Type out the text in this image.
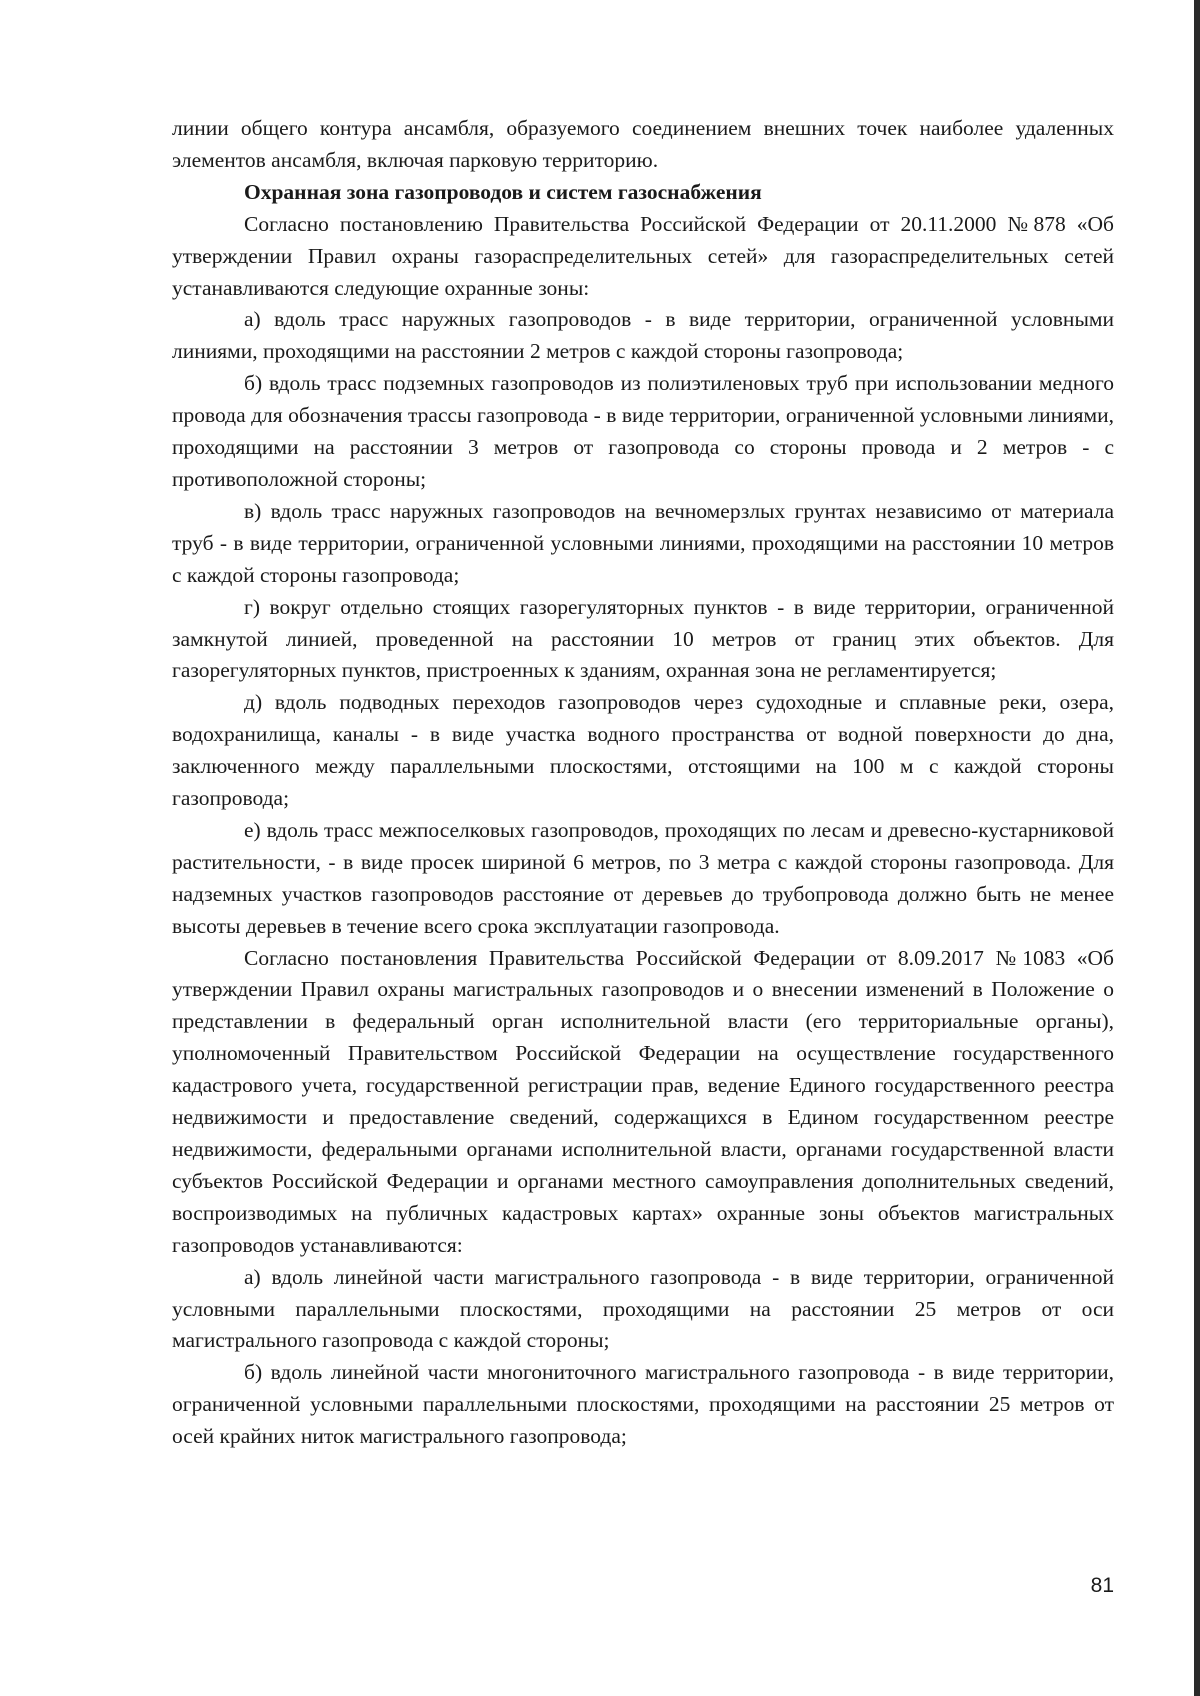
линии общего контура ансамбля, образуемого соединением внешних точек наиболее удаленных элементов ансамбля, включая парковую территорию.

Охранная зона газопроводов и систем газоснабжения

Согласно постановлению Правительства Российской Федерации от 20.11.2000 №878 «Об утверждении Правил охраны газораспределительных сетей» для газораспределительных сетей устанавливаются следующие охранные зоны:

а) вдоль трасс наружных газопроводов - в виде территории, ограниченной условными линиями, проходящими на расстоянии 2 метров с каждой стороны газопровода;

б) вдоль трасс подземных газопроводов из полиэтиленовых труб при использовании медного провода для обозначения трассы газопровода - в виде территории, ограниченной условными линиями, проходящими на расстоянии 3 метров от газопровода со стороны провода и 2 метров - с противоположной стороны;

в) вдоль трасс наружных газопроводов на вечномерзлых грунтах независимо от материала труб - в виде территории, ограниченной условными линиями, проходящими на расстоянии 10 метров с каждой стороны газопровода;

г) вокруг отдельно стоящих газорегуляторных пунктов - в виде территории, ограниченной замкнутой линией, проведенной на расстоянии 10 метров от границ этих объектов. Для газорегуляторных пунктов, пристроенных к зданиям, охранная зона не регламентируется;

д) вдоль подводных переходов газопроводов через судоходные и сплавные реки, озера, водохранилища, каналы - в виде участка водного пространства от водной поверхности до дна, заключенного между параллельными плоскостями, отстоящими на 100 м с каждой стороны газопровода;

е) вдоль трасс межпоселковых газопроводов, проходящих по лесам и древесно-кустарниковой растительности, - в виде просек шириной 6 метров, по 3 метра с каждой стороны газопровода. Для надземных участков газопроводов расстояние от деревьев до трубопровода должно быть не менее высоты деревьев в течение всего срока эксплуатации газопровода.

Согласно постановления Правительства Российской Федерации от 8.09.2017 №1083 «Об утверждении Правил охраны магистральных газопроводов и о внесении изменений в Положение о представлении в федеральный орган исполнительной власти (его территориальные органы), уполномоченный Правительством Российской Федерации на осуществление государственного кадастрового учета, государственной регистрации прав, ведение Единого государственного реестра недвижимости и предоставление сведений, содержащихся в Едином государственном реестре недвижимости, федеральными органами исполнительной власти, органами государственной власти субъектов Российской Федерации и органами местного самоуправления дополнительных сведений, воспроизводимых на публичных кадастровых картах» охранные зоны объектов магистральных газопроводов устанавливаются:

а) вдоль линейной части магистрального газопровода - в виде территории, ограниченной условными параллельными плоскостями, проходящими на расстоянии 25 метров от оси магистрального газопровода с каждой стороны;

б) вдоль линейной части многониточного магистрального газопровода - в виде территории, ограниченной условными параллельными плоскостями, проходящими на расстоянии 25 метров от осей крайних ниток магистрального газопровода;

81
